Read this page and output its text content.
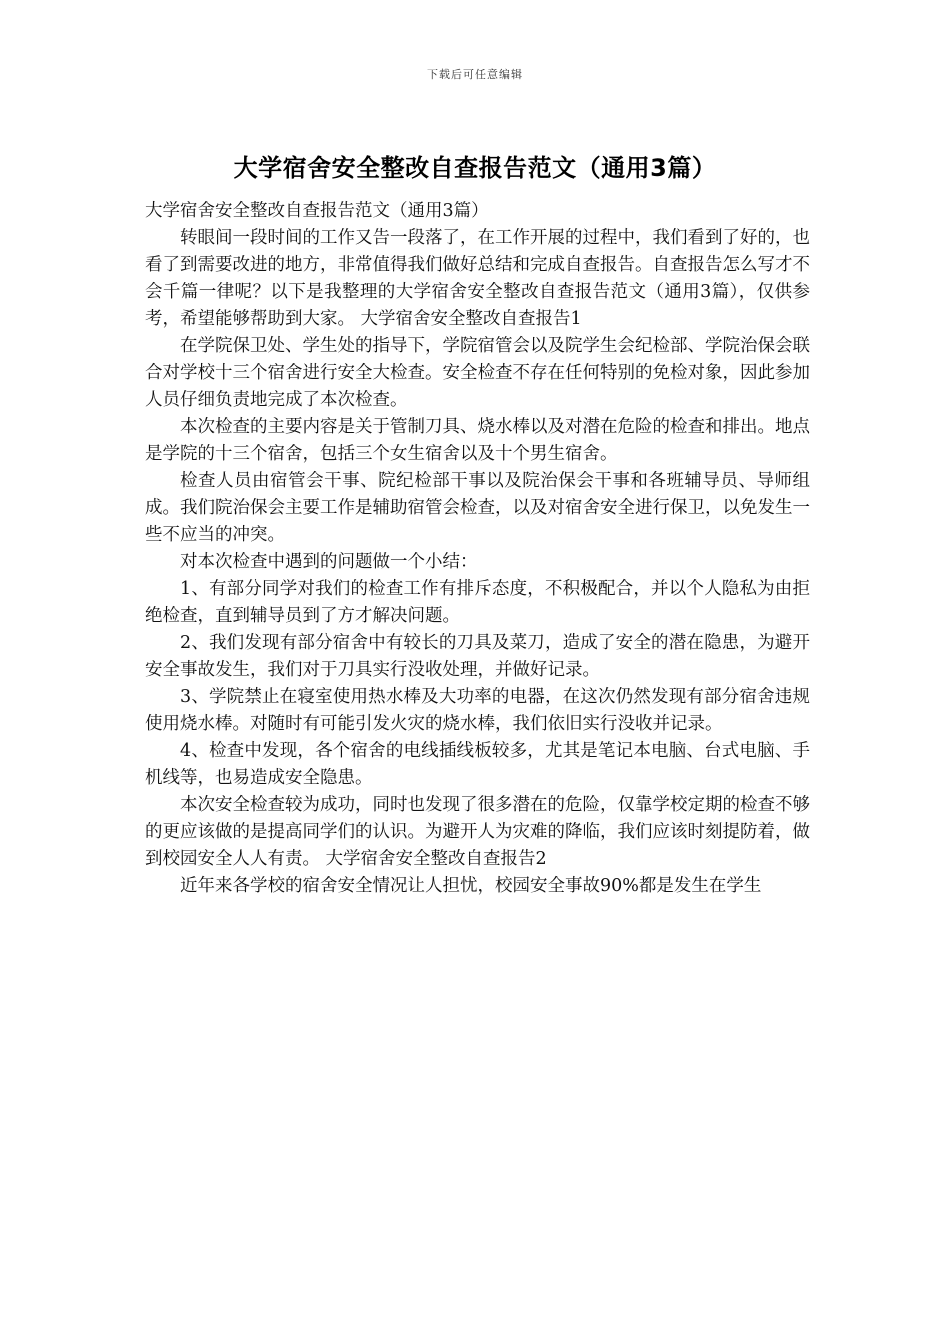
下载后可任意编辑
大学宿舍安全整改自查报告范文（通用3篇）

大学宿舍安全整改自查报告范文（通用3篇）

转眼间一段时间的工作又告一段落了，在工作开展的过程中，我们看到了好的，也看了到需要改进的地方，非常值得我们做好总结和完成自查报告。自查报告怎么写才不会千篇一律呢？以下是我整理的大学宿舍安全整改自查报告范文（通用3篇），仅供参考，希望能够帮助到大家。 大学宿舍安全整改自查报告1

在学院保卫处、学生处的指导下，学院宿管会以及院学生会纪检部、学院治保会联合对学校十三个宿舍进行安全大检查。安全检查不存在任何特别的免检对象，因此参加人员仔细负责地完成了本次检查。

本次检查的主要内容是关于管制刀具、烧水棒以及对潜在危险的检查和排出。地点是学院的十三个宿舍，包括三个女生宿舍以及十个男生宿舍。

检查人员由宿管会干事、院纪检部干事以及院治保会干事和各班辅导员、导师组成。我们院治保会主要工作是辅助宿管会检查，以及对宿舍安全进行保卫，以免发生一些不应当的冲突。

对本次检查中遇到的问题做一个小结：

1、有部分同学对我们的检查工作有排斥态度，不积极配合，并以个人隐私为由拒绝检查，直到辅导员到了方才解决问题。

2、我们发现有部分宿舍中有较长的刀具及菜刀，造成了安全的潜在隐患，为避开安全事故发生，我们对于刀具实行没收处理，并做好记录。

3、学院禁止在寝室使用热水棒及大功率的电器，在这次仍然发现有部分宿舍违规使用烧水棒。对随时有可能引发火灾的烧水棒，我们依旧实行没收并记录。

4、检查中发现，各个宿舍的电线插线板较多，尤其是笔记本电脑、台式电脑、手机线等，也易造成安全隐患。

本次安全检查较为成功，同时也发现了很多潜在的危险，仅靠学校定期的检查不够的更应该做的是提高同学们的认识。为避开人为灾难的降临，我们应该时刻提防着，做到校园安全人人有责。 大学宿舍安全整改自查报告2

近年来各学校的宿舍安全情况让人担忧，校园安全事故90%都是发生在学生
